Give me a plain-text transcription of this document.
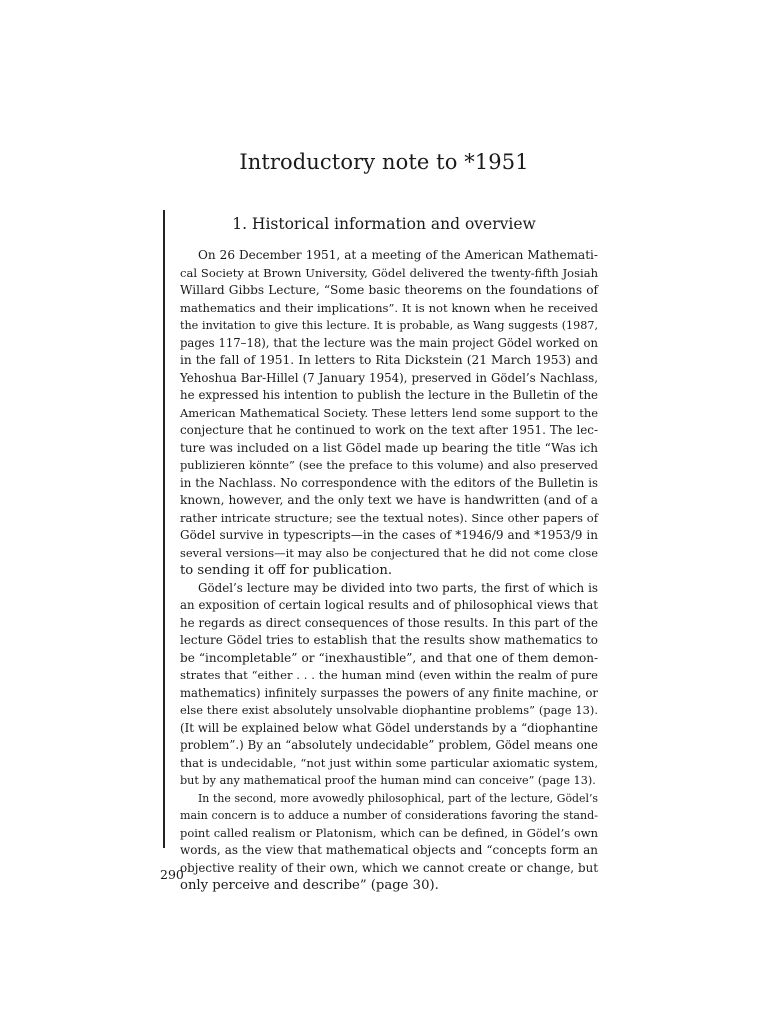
Introductory note to *1951
1. Historical information and overview
On 26 December 1951, at a meeting of the American Mathemati-
cal Society at Brown University, Gödel delivered the twenty-fifth Josiah
Willard Gibbs Lecture, “Some basic theorems on the foundations of
mathematics and their implications”. It is not known when he received
the invitation to give this lecture. It is probable, as Wang suggests (1987,
pages 117–18), that the lecture was the main project Gödel worked on
in the fall of 1951. In letters to Rita Dickstein (21 March 1953) and
Yehoshua Bar-Hillel (7 January 1954), preserved in Gödel’s Nachlass,
he expressed his intention to publish the lecture in the Bulletin of the
American Mathematical Society. These letters lend some support to the
conjecture that he continued to work on the text after 1951. The lec-
ture was included on a list Gödel made up bearing the title “Was ich
publizieren könnte” (see the preface to this volume) and also preserved
in the Nachlass. No correspondence with the editors of the Bulletin is
known, however, and the only text we have is handwritten (and of a
rather intricate structure; see the textual notes). Since other papers of
Gödel survive in typescripts—in the cases of *1946/9 and *1953/9 in
several versions—it may also be conjectured that he did not come close
to sending it off for publication.
Gödel’s lecture may be divided into two parts, the first of which is
an exposition of certain logical results and of philosophical views that
he regards as direct consequences of those results. In this part of the
lecture Gödel tries to establish that the results show mathematics to
be “incompletable” or “inexhaustible”, and that one of them demon-
strates that “either . . . the human mind (even within the realm of pure
mathematics) infinitely surpasses the powers of any finite machine, or
else there exist absolutely unsolvable diophantine problems” (page 13).
(It will be explained below what Gödel understands by a “diophantine
problem”.) By an “absolutely undecidable” problem, Gödel means one
that is undecidable, “not just within some particular axiomatic system,
but by any mathematical proof the human mind can conceive” (page 13).
In the second, more avowedly philosophical, part of the lecture, Gödel’s
main concern is to adduce a number of considerations favoring the stand-
point called realism or Platonism, which can be defined, in Gödel’s own
words, as the view that mathematical objects and “concepts form an
objective reality of their own, which we cannot create or change, but
only perceive and describe” (page 30).
290
